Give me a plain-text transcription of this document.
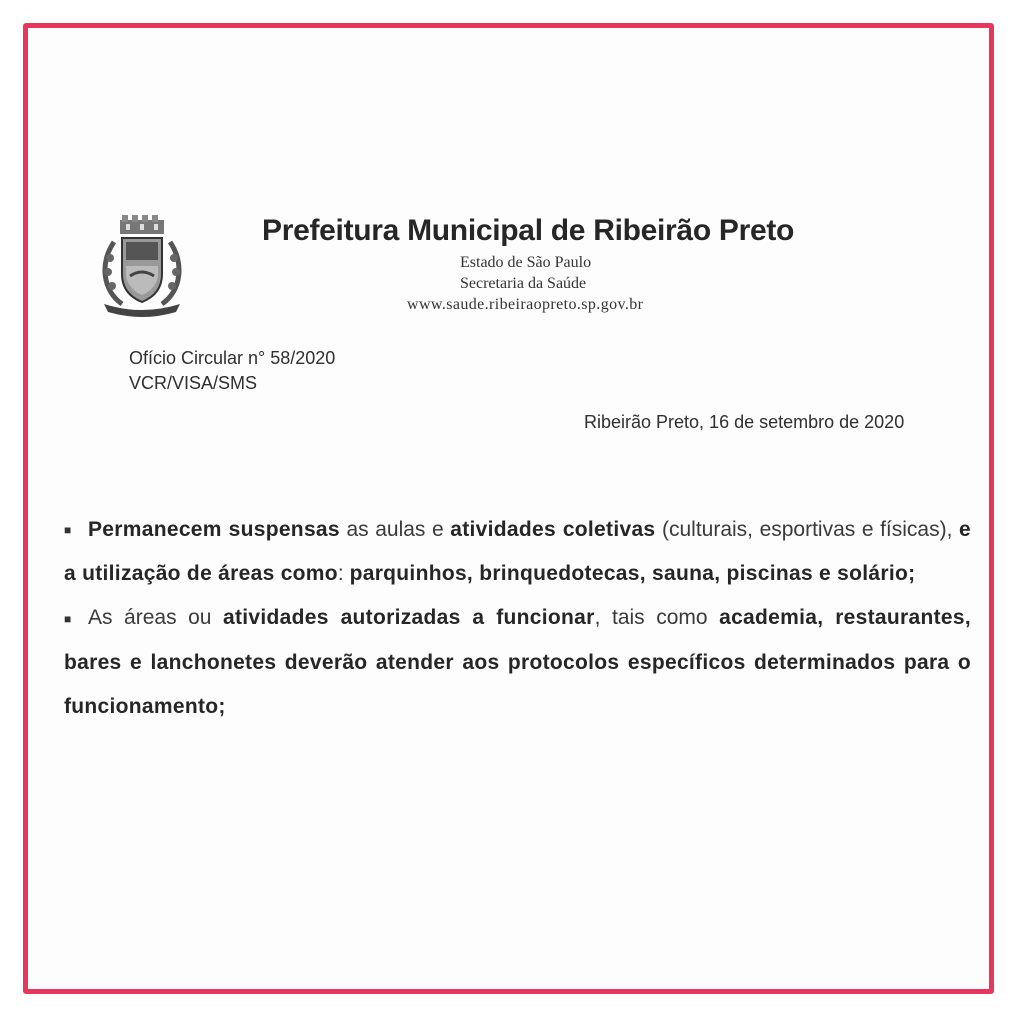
Prefeitura Municipal de Ribeirão Preto
Estado de São Paulo
Secretaria da Saúde
www.saude.ribeiraopreto.sp.gov.br
Ofício Circular n° 58/2020
VCR/VISA/SMS
Ribeirão Preto, 16 de setembro de 2020

■ Permanecem suspensas as aulas e atividades coletivas (culturais, esportivas e físicas), e a utilização de áreas como: parquinhos, brinquedotecas, sauna, piscinas e solário;

■ As áreas ou atividades autorizadas a funcionar, tais como academia, restaurantes, bares e lanchonetes deverão atender aos protocolos específicos determinados para o funcionamento;
